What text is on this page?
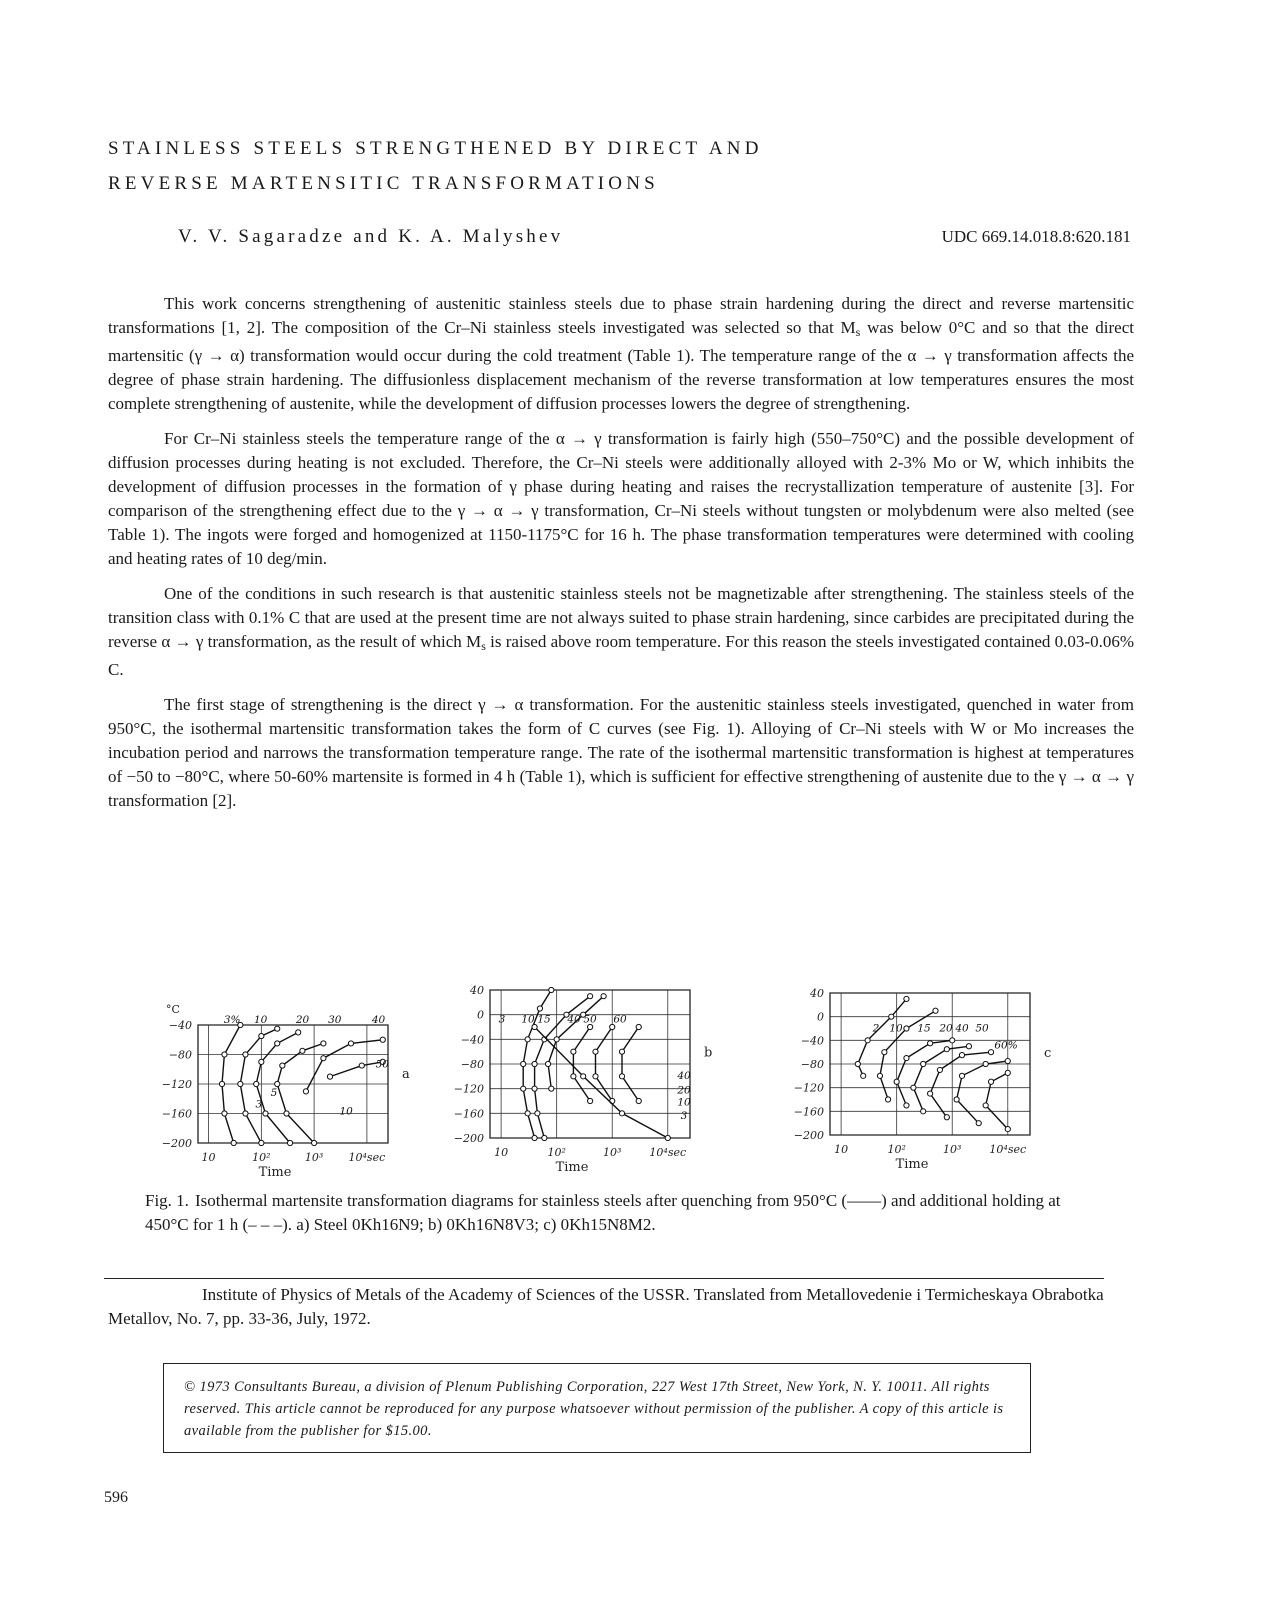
STAINLESS STEELS STRENGTHENED BY DIRECT AND
REVERSE MARTENSITIC TRANSFORMATIONS
V. V. Sagaradze and K. A. Malyshev	UDC 669.14.018.8:620.181

This work concerns strengthening of austenitic stainless steels due to phase strain hardening during the direct and reverse martensitic transformations [1, 2]. The composition of the Cr–Ni stainless steels investigated was selected so that $M_s$ was below 0°C and so that the direct martensitic (γ → α) transformation would occur during the cold treatment (Table 1). The temperature range of the α → γ transformation affects the degree of phase strain hardening. The diffusionless displacement mechanism of the reverse transformation at low temperatures ensures the most complete strengthening of austenite, while the development of diffusion processes lowers the degree of strengthening.

For Cr–Ni stainless steels the temperature range of the α → γ transformation is fairly high (550–750°C) and the possible development of diffusion processes during heating is not excluded. Therefore, the Cr–Ni steels were additionally alloyed with 2-3% Mo or W, which inhibits the development of diffusion processes in the formation of γ phase during heating and raises the recrystallization temperature of austenite [3]. For comparison of the strengthening effect due to the γ → α → γ transformation, Cr–Ni steels without tungsten or molybdenum were also melted (see Table 1). The ingots were forged and homogenized at 1150-1175°C for 16 h. The phase transformation temperatures were determined with cooling and heating rates of 10 deg/min.

One of the conditions in such research is that austenitic stainless steels not be magnetizable after strengthening. The stainless steels of the transition class with 0.1% C that are used at the present time are not always suited to phase strain hardening, since carbides are precipitated during the reverse α → γ transformation, as the result of which $M_s$ is raised above room temperature. For this reason the steels investigated contained 0.03-0.06% C.

The first stage of strengthening is the direct γ → α transformation. For the austenitic stainless steels investigated, quenched in water from 950°C, the isothermal martensitic transformation takes the form of C curves (see Fig. 1). Alloying of Cr–Ni steels with W or Mo increases the incubation period and narrows the transformation temperature range. The rate of the isothermal martensitic transformation is highest at temperatures of −50 to −80°C, where 50-60% martensite is formed in 4 h (Table 1), which is sufficient for effective strengthening of austenite due to the γ → α → γ transformation [2].

−40
−80
−120
−160
−200
10	10²	10³ 10⁴sec
Time
°C
3% 10	20 30	40
50
3
5
10
a
40
0
−40
−80
−120
−160
−200
10	10²	10³	10⁴sec
Time
3 10 15 40 50 60
40
20
10
3
b
40
0
−40
−80
−120
−160
−200
10	10²	10³	10⁴sec
Time
2 10 15 20 40 50
60%
c
Fig. 1. Isothermal martensite transformation diagrams for stainless steels after quenching from 950°C (——) and additional holding at 450°C for 1 h (– – –). a) Steel 0Kh16N9; b) 0Kh16N8V3; c) 0Kh15N8M2.
Institute of Physics of Metals of the Academy of Sciences of the USSR. Translated from Metallovedenie i Termicheskaya Obrabotka Metallov, No. 7, pp. 33-36, July, 1972.
© 1973 Consultants Bureau, a division of Plenum Publishing Corporation, 227 West 17th Street, New York, N. Y. 10011. All rights reserved. This article cannot be reproduced for any purpose whatsoever without permission of the publisher. A copy of this article is available from the publisher for $15.00.
596
